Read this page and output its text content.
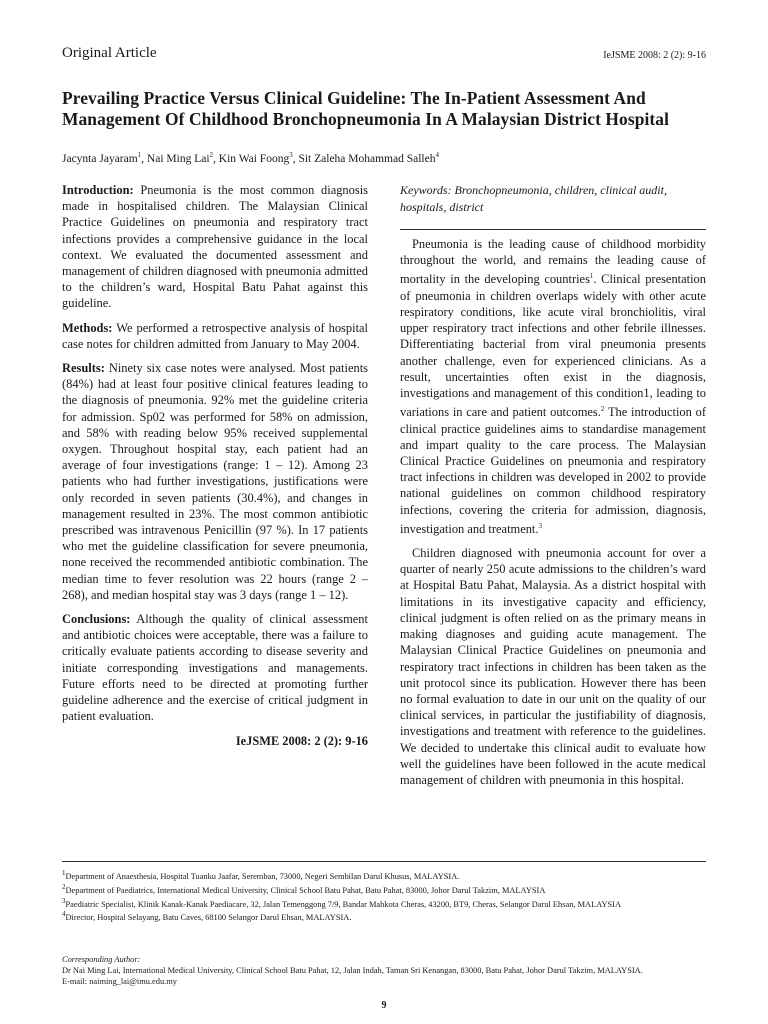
Original Article	IeJSME 2008: 2 (2): 9-16
Prevailing Practice Versus Clinical Guideline: The In-Patient Assessment And Management Of Childhood Bronchopneumonia In A Malaysian District Hospital
Jacynta Jayaram$^1$, Nai Ming Lai$^2$, Kin Wai Foong$^3$, Sit Zaleha Mohammad Salleh$^4$

Introduction: Pneumonia is the most common diagnosis made in hospitalised children. The Malaysian Clinical Practice Guidelines on pneumonia and respiratory tract infections provides a comprehensive guidance in the local context. We evaluated the documented assessment and management of children diagnosed with pneumonia admitted to the children’s ward, Hospital Batu Pahat against this guideline.

Methods: We performed a retrospective analysis of hospital case notes for children admitted from January to May 2004.

Results: Ninety six case notes were analysed. Most patients (84%) had at least four positive clinical features leading to the diagnosis of pneumonia. 92% met the guideline criteria for admission. Sp02 was performed for 58% on admission, and 58% with reading below 95% received supplemental oxygen. Throughout hospital stay, each patient had an average of four investigations (range: 1 – 12). Among 23 patients who had further investigations, justifications were only recorded in seven patients (30.4%), and changes in management resulted in 23%. The most common antibiotic prescribed was intravenous Penicillin (97 %). In 17 patients who met the guideline classification for severe pneumonia, none received the recommended antibiotic combination. The median time to fever resolution was 22 hours (range 2 – 268), and median hospital stay was 3 days (range 1 – 12).

Conclusions: Although the quality of clinical assessment and antibiotic choices were acceptable, there was a failure to critically evaluate patients according to disease severity and initiate corresponding investigations and managements. Future efforts need to be directed at promoting further guideline adherence and the exercise of critical judgment in patient evaluation.

IeJSME 2008: 2 (2): 9-16

Keywords: Bronchopneumonia, children, clinical audit, hospitals, district

Pneumonia is the leading cause of childhood morbidity throughout the world, and remains the leading cause of mortality in the developing countries$^1$. Clinical presentation of pneumonia in children overlaps widely with other acute respiratory conditions, like acute viral bronchiolitis, viral upper respiratory tract infections and other febrile illnesses. Differentiating bacterial from viral pneumonia presents another challenge, even for experienced clinicians. As a result, uncertainties often exist in the diagnosis, investigations and management of this condition1, leading to variations in care and patient outcomes.$^2$ The introduction of clinical practice guidelines aims to standardise management and impart quality to the care process. The Malaysian Clinical Practice Guidelines on pneumonia and respiratory tract infections in children was developed in 2002 to provide national guidelines on common childhood respiratory infections, covering the criteria for admission, diagnosis, investigation and treatment.$^3$

Children diagnosed with pneumonia account for over a quarter of nearly 250 acute admissions to the children’s ward at Hospital Batu Pahat, Malaysia. As a district hospital with limitations in its investigative capacity and efficiency, clinical judgment is often relied on as the primary means in making diagnoses and guiding acute management. The Malaysian Clinical Practice Guidelines on pneumonia and respiratory tract infections in children has been taken as the unit protocol since its publication. However there has been no formal evaluation to date in our unit on the quality of our clinical services, in particular the justifiability of diagnosis, investigations and treatment with reference to the guidelines. We decided to undertake this clinical audit to evaluate how well the guidelines have been followed in the acute medical management of children with pneumonia in this hospital.

$^1$Department of Anaesthesia, Hospital Tuanku Jaafar, Seremban, 73000, Negeri Sembilan Darul Khusus, MALAYSIA.
$^2$Department of Paediatrics, International Medical University, Clinical School Batu Pahat, Batu Pahat, 83000, Johor Darul Takzim, MALAYSIA
$^3$Paediatric Specialist, Klinik Kanak-Kanak Paediacare, 32, Jalan Temenggong 7/9, Bandar Mahkota Cheras, 43200, BT9, Cheras, Selangor Darul Ehsan, MALAYSIA
$^4$Director, Hospital Selayang, Batu Caves, 68100 Selangor Darul Ehsan, MALAYSIA.
Corresponding Author:
Dr Nai Ming Lai, International Medical University, Clinical School Batu Pahat, 12, Jalan Indah, Taman Sri Kenangan, 83000, Batu Pahat, Johor Darul Takzim, MALAYSIA.
E-mail: naiming_lai@imu.edu.my
9
